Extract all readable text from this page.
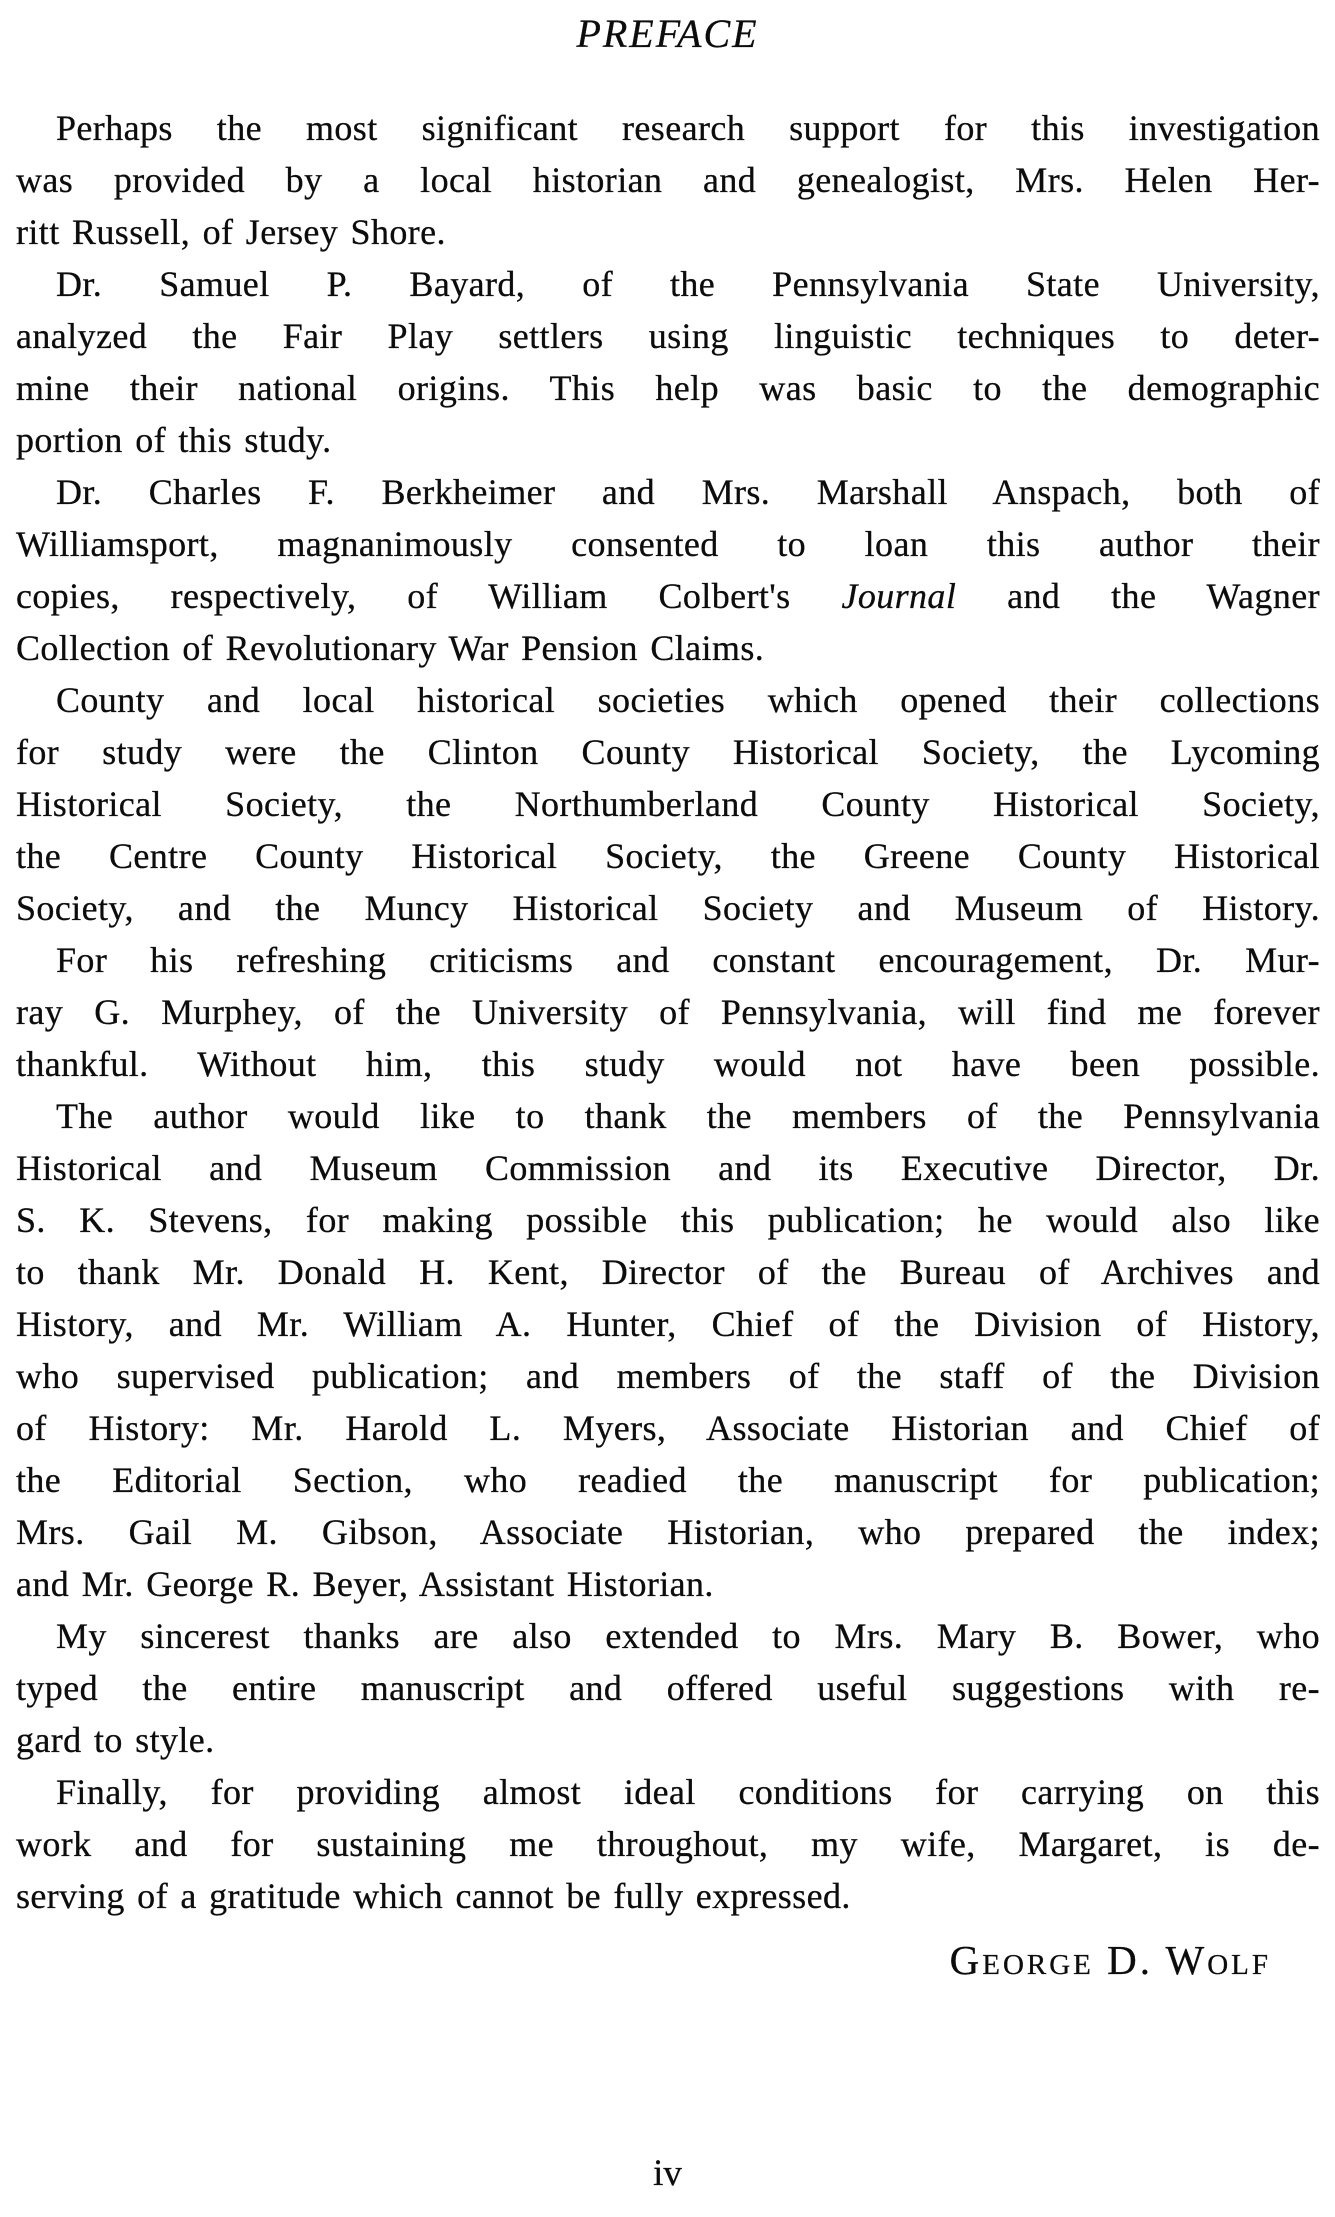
PREFACE
Perhaps the most significant research support for this investigation
was provided by a local historian and genealogist, Mrs. Helen Her-
ritt Russell, of Jersey Shore.
Dr. Samuel P. Bayard, of the Pennsylvania State University,
analyzed the Fair Play settlers using linguistic techniques to deter-
mine their national origins. This help was basic to the demographic
portion of this study.
Dr. Charles F. Berkheimer and Mrs. Marshall Anspach, both of
Williamsport, magnanimously consented to loan this author their
copies, respectively, of William Colbert's Journal and the Wagner
Collection of Revolutionary War Pension Claims.
County and local historical societies which opened their collections
for study were the Clinton County Historical Society, the Lycoming
Historical Society, the Northumberland County Historical Society,
the Centre County Historical Society, the Greene County Historical
Society, and the Muncy Historical Society and Museum of History.
For his refreshing criticisms and constant encouragement, Dr. Mur-
ray G. Murphey, of the University of Pennsylvania, will find me forever
thankful. Without him, this study would not have been possible.
The author would like to thank the members of the Pennsylvania
Historical and Museum Commission and its Executive Director, Dr.
S. K. Stevens, for making possible this publication; he would also like
to thank Mr. Donald H. Kent, Director of the Bureau of Archives and
History, and Mr. William A. Hunter, Chief of the Division of History,
who supervised publication; and members of the staff of the Division
of History: Mr. Harold L. Myers, Associate Historian and Chief of
the Editorial Section, who readied the manuscript for publication;
Mrs. Gail M. Gibson, Associate Historian, who prepared the index;
and Mr. George R. Beyer, Assistant Historian.
My sincerest thanks are also extended to Mrs. Mary B. Bower, who
typed the entire manuscript and offered useful suggestions with re-
gard to style.
Finally, for providing almost ideal conditions for carrying on this
work and for sustaining me throughout, my wife, Margaret, is de-
serving of a gratitude which cannot be fully expressed.
George D. Wolf
iv
